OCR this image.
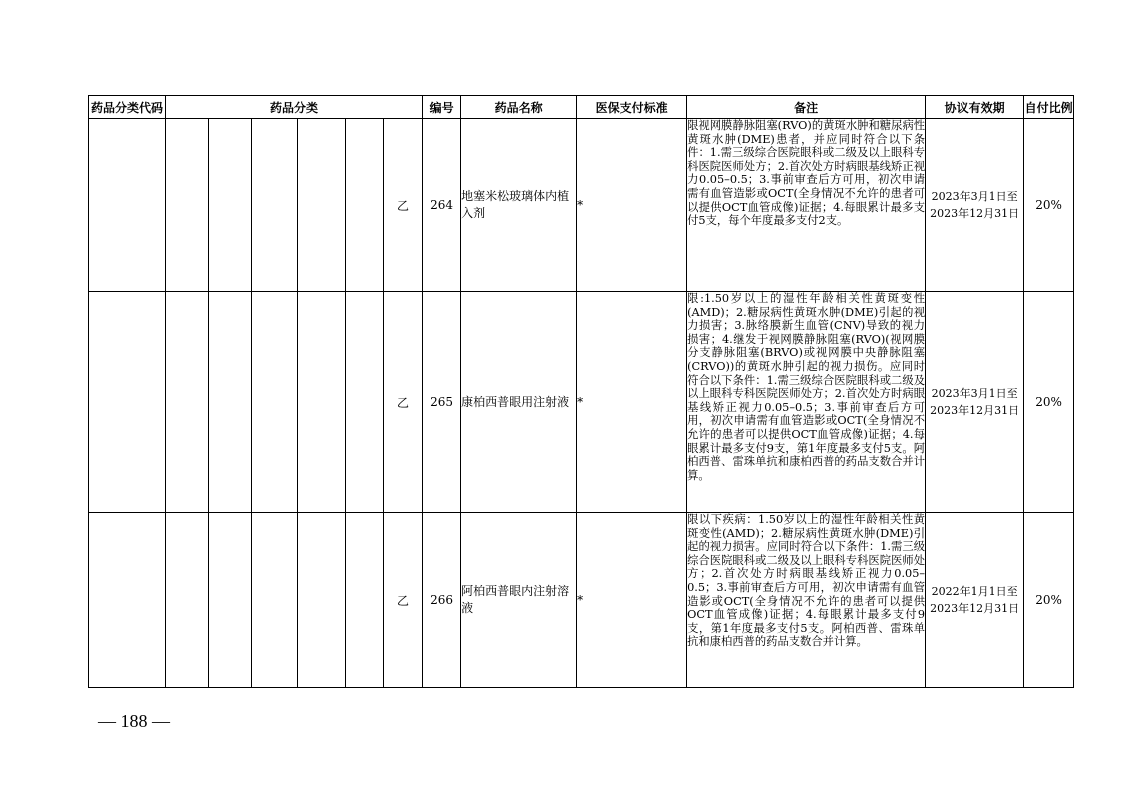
药品分类代码	药品分类						编号	药品名称	医保支付标准	备注	协议有效期	自付比例
						乙	264	地塞米松玻璃体内植入剂	*	限视网膜静脉阻塞(RVO)的黄斑水肿和糖尿病性黄斑水肿(DME)患者，并应同时符合以下条件：1.需三级综合医院眼科或二级及以上眼科专科医院医师处方；2.首次处方时病眼基线矫正视力0.05–0.5；3.事前审查后方可用，初次申请需有血管造影或OCT(全身情况不允许的患者可以提供OCT血管成像)证据；4.每眼累计最多支付5支，每个年度最多支付2支。	2023年3月1日至
2023年12月31日	20%
						乙	265	康柏西普眼用注射液	*	限:1.50岁以上的湿性年龄相关性黄斑变性(AMD)；2.糖尿病性黄斑水肿(DME)引起的视力损害；3.脉络膜新生血管(CNV)导致的视力损害；4.继发于视网膜静脉阻塞(RVO)(视网膜分支静脉阻塞(BRVO)或视网膜中央静脉阻塞(CRVO))的黄斑水肿引起的视力损伤。应同时符合以下条件：1.需三级综合医院眼科或二级及以上眼科专科医院医师处方；2.首次处方时病眼基线矫正视力0.05–0.5；3.事前审查后方可用，初次申请需有血管造影或OCT(全身情况不允许的患者可以提供OCT血管成像)证据；4.每眼累计最多支付9支，第1年度最多支付5支。阿柏西普、雷珠单抗和康柏西普的药品支数合并计算。	2023年3月1日至
2023年12月31日	20%
						乙	266	阿柏西普眼内注射溶液	*	限以下疾病：1.50岁以上的湿性年龄相关性黄斑变性(AMD)；2.糖尿病性黄斑水肿(DME)引起的视力损害。应同时符合以下条件：1.需三级综合医院眼科或二级及以上眼科专科医院医师处方；2.首次处方时病眼基线矫正视力0.05–0.5；3.事前审查后方可用，初次申请需有血管造影或OCT(全身情况不允许的患者可以提供OCT血管成像)证据；4.每眼累计最多支付9支，第1年度最多支付5支。阿柏西普、雷珠单抗和康柏西普的药品支数合并计算。	2022年1月1日至
2023年12月31日	20%
— 188 —
